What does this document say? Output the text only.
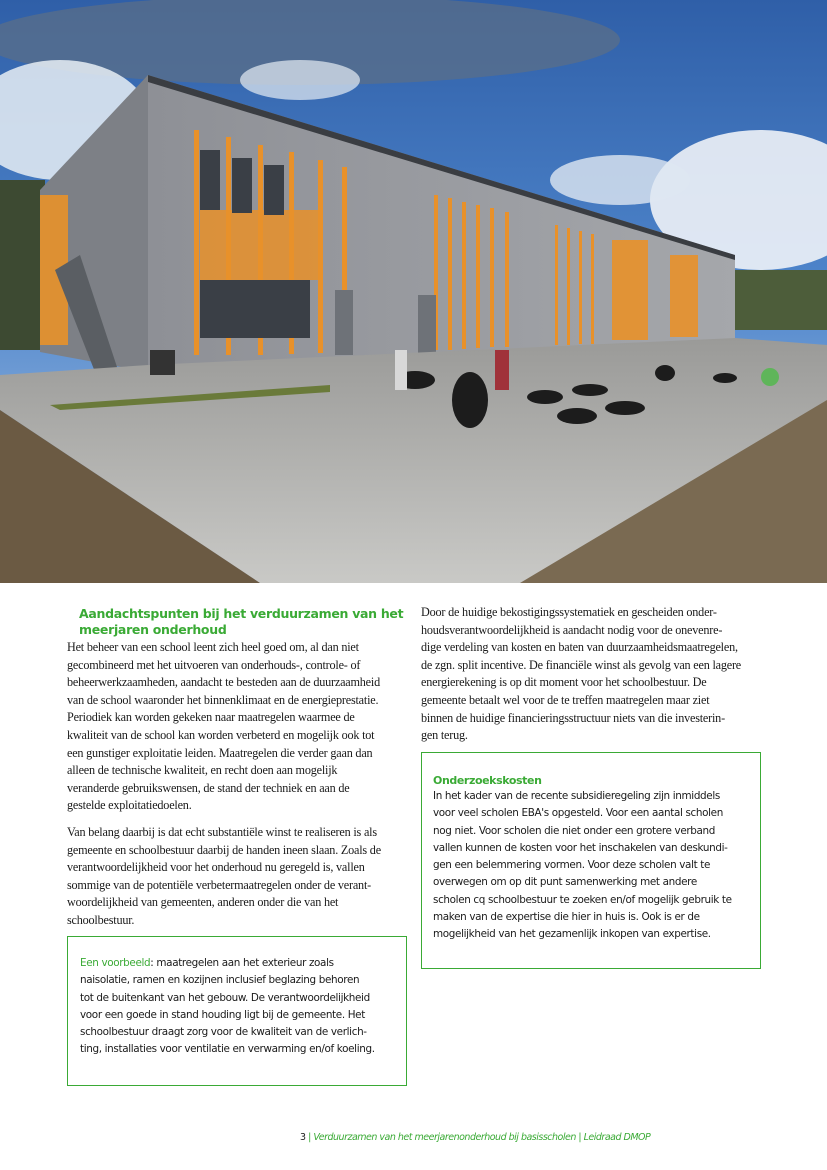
Aandachtspunten bij het verduurzamen van het
meerjaren onderhoud
Het beheer van een school leent zich heel goed om, al dan niet
gecombineerd met het uitvoeren van onderhouds-, controle- of
beheerwerkzaamheden, aandacht te besteden aan de duurzaamheid
van de school waaronder het binnenklimaat en de energieprestatie.
Periodiek kan worden gekeken naar maatregelen waarmee de
kwaliteit van de school kan worden verbeterd en mogelijk ook tot
een gunstiger exploitatie leiden. Maatregelen die verder gaan dan
alleen de technische kwaliteit, en recht doen aan mogelijk
veranderde gebruikswensen, de stand der techniek en aan de
gestelde exploitatiedoelen.
Van belang daarbij is dat echt substantiële winst te realiseren is als
gemeente en schoolbestuur daarbij de handen ineen slaan. Zoals de
verantwoordelijkheid voor het onderhoud nu geregeld is, vallen
sommige van de potentiële verbetermaatregelen onder de verant-
woordelijkheid van gemeenten, anderen onder die van het
schoolbestuur.
Een voorbeeld: maatregelen aan het exterieur zoals
naisolatie, ramen en kozijnen inclusief beglazing behoren
tot de buitenkant van het gebouw. De verantwoordelijkheid
voor een goede in stand houding ligt bij de gemeente. Het
schoolbestuur draagt zorg voor de kwaliteit van de verlich-
ting, installaties voor ventilatie en verwarming en/of koeling.
Door de huidige bekostigingssystematiek en gescheiden onder-
houdsverantwoordelijkheid is aandacht nodig voor de onevenre-
dige verdeling van kosten en baten van duurzaamheidsmaatregelen,
de zgn. split incentive. De financiële winst als gevolg van een lagere
energierekening is op dit moment voor het schoolbestuur. De
gemeente betaalt wel voor de te treffen maatregelen maar ziet
binnen de huidige financieringsstructuur niets van die investerin-
gen terug.
Onderzoekskosten
In het kader van de recente subsidieregeling zijn inmiddels
voor veel scholen EBA's opgesteld. Voor een aantal scholen
nog niet. Voor scholen die niet onder een grotere verband
vallen kunnen de kosten voor het inschakelen van deskundi-
gen een belemmering vormen. Voor deze scholen valt te
overwegen om op dit punt samenwerking met andere
scholen cq schoolbestuur te zoeken en/of mogelijk gebruik te
maken van de expertise die hier in huis is. Ook is er de
mogelijkheid van het gezamenlijk inkopen van expertise.
3 | Verduurzamen van het meerjarenonderhoud bij basisscholen | Leidraad DMOP
